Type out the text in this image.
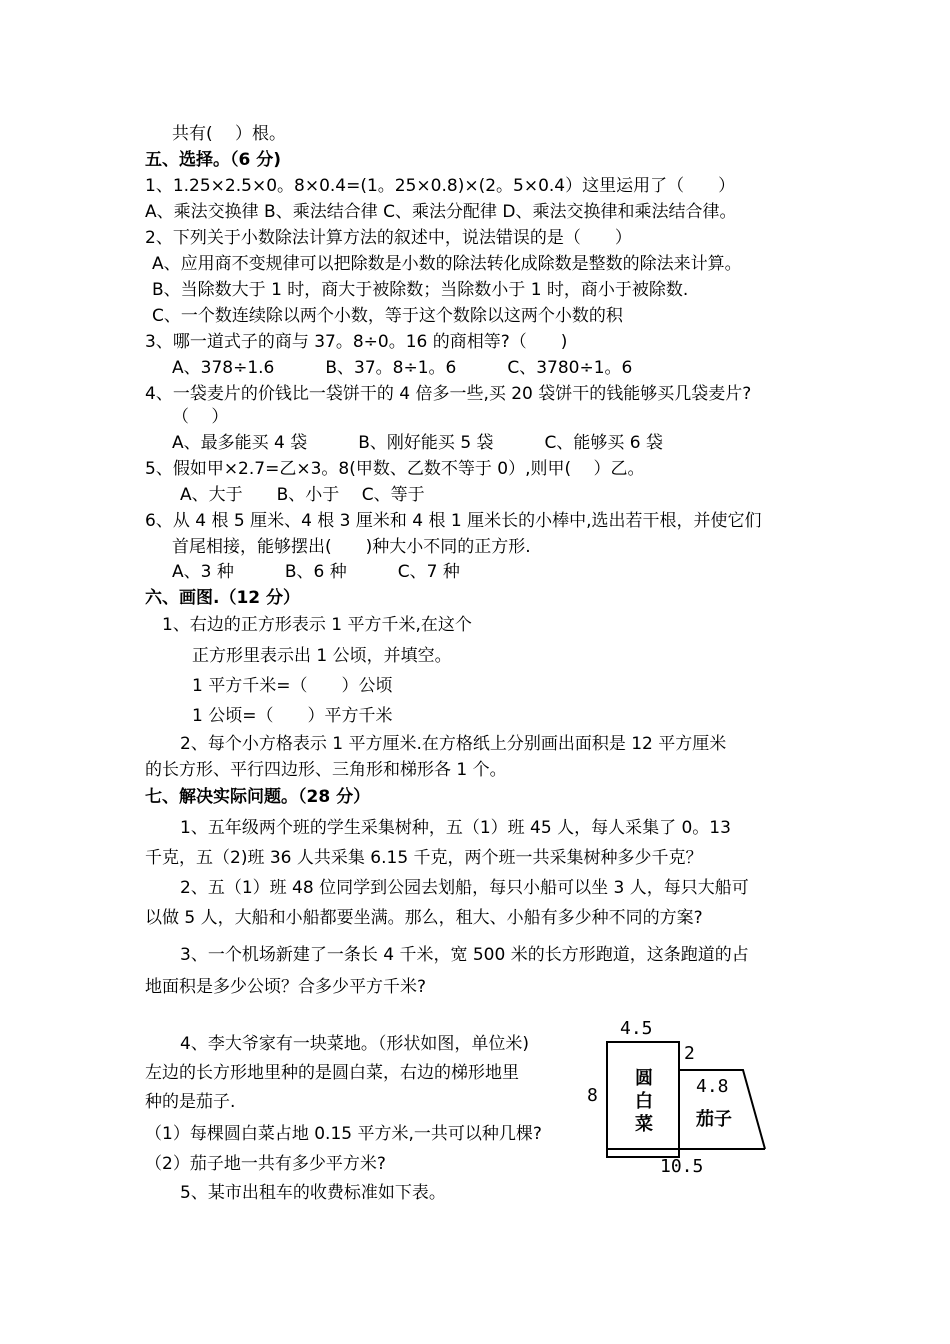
共有(　 ）根。
五、选择。（6 分)
1、1.25×2.5×0。8×0.4=(1。25×0.8)×(2。5×0.4）这里运用了（　　）
A、乘法交换律 B、乘法结合律 C、乘法分配律 D、乘法交换律和乘法结合律。
2、下列关于小数除法计算方法的叙述中，说法错误的是（　　）
A、应用商不变规律可以把除数是小数的除法转化成除数是整数的除法来计算。
B、当除数大于 1 时，商大于被除数；当除数小于 1 时，商小于被除数.
C、一个数连续除以两个小数，等于这个数除以这两个小数的积
3、哪一道式子的商与 37。8÷0。16 的商相等?（　　)
A、378÷1.6　　　B、37。8÷1。6　　　C、3780÷1。6
4、一袋麦片的价钱比一袋饼干的 4 倍多一些,买 20 袋饼干的钱能够买几袋麦片?
（　 ）
A、最多能买 4 袋　　　B、刚好能买 5 袋　　　C、能够买 6 袋
5、假如甲×2.7=乙×3。8(甲数、乙数不等于 0）,则甲(　 ）乙。
A、大于　　B、小于　 C、等于
6、从 4 根 5 厘米、4 根 3 厘米和 4 根 1 厘米长的小棒中,选出若干根，并使它们
首尾相接，能够摆出(　　)种大小不同的正方形.
A、3 种　　　B、6 种　　　C、7 种
六、画图.（12 分）
1、右边的正方形表示 1 平方千米,在这个
正方形里表示出 1 公顷，并填空。
1 平方千米=（　　）公顷
1 公顷=（　　）平方千米
2、每个小方格表示 1 平方厘米.在方格纸上分别画出面积是 12 平方厘米
的长方形、平行四边形、三角形和梯形各 1 个。
七、解决实际问题。（28 分）
1、五年级两个班的学生采集树种，五（1）班 45 人，每人采集了 0。13
千克，五（2)班 36 人共采集 6.15 千克，两个班一共采集树种多少千克？
2、五（1）班 48 位同学到公园去划船，每只小船可以坐 3 人，每只大船可
以做 5 人，大船和小船都要坐满。那么，租大、小船有多少种不同的方案?
3、一个机场新建了一条长 4 千米，宽 500 米的长方形跑道，这条跑道的占
地面积是多少公顷？合多少平方千米?
4、李大爷家有一块菜地。（形状如图，单位米)
左边的长方形地里种的是圆白菜，右边的梯形地里
种的是茄子.
（1）每棵圆白菜占地 0.15 平方米,一共可以种几棵?
（2）茄子地一共有多少平方米?
5、某市出租车的收费标准如下表。
4.5
2
8	4.8
10.5
圆
白
菜 茄子
